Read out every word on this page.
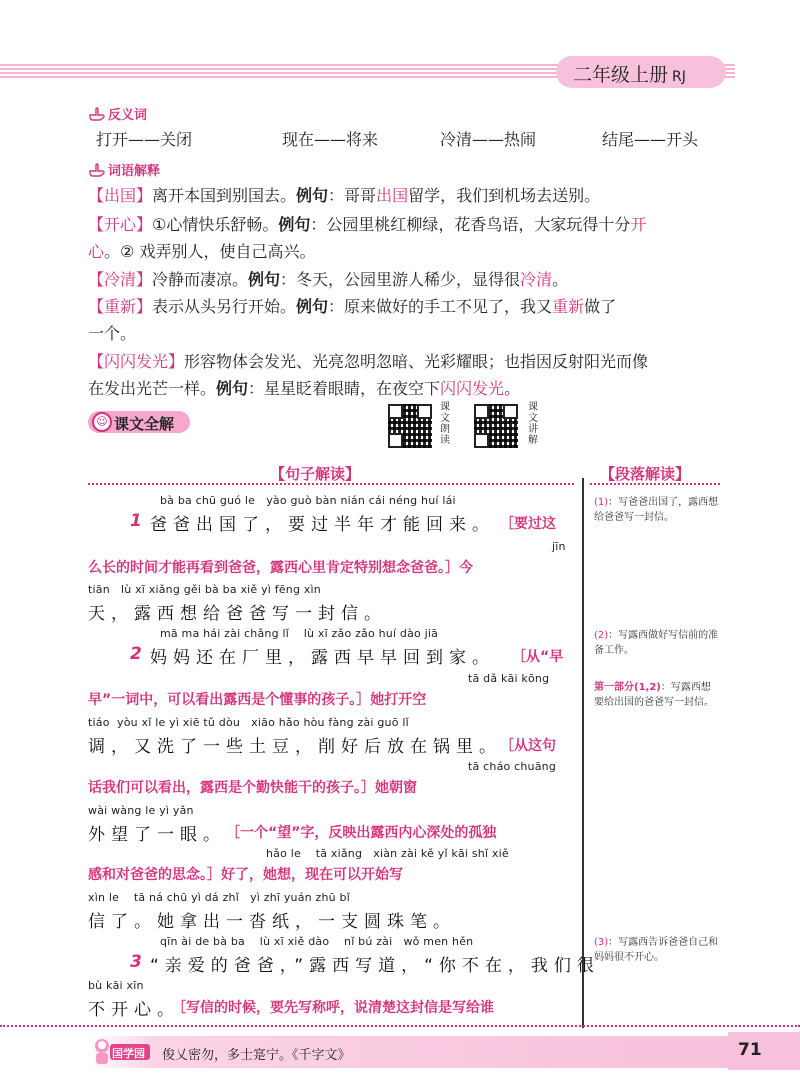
二年级上册 RJ
反义词
打开——关闭	现在——将来	冷清——热闹	结尾——开头
词语解释
【出国】离开本国到别国去。例句：哥哥出国留学，我们到机场去送别。
【开心】①心情快乐舒畅。例句：公园里桃红柳绿，花香鸟语，大家玩得十分开
心。② 戏弄别人，使自己高兴。
【冷清】冷静而凄凉。例句：冬天，公园里游人稀少，显得很冷清。
【重新】表示从头另行开始。例句：原来做好的手工不见了，我又重新做了
一个。
【闪闪发光】形容物体会发光、光亮忽明忽暗、光彩耀眼；也指因反射阳光而像
在发出光芒一样。例句：星星眨着眼睛，在夜空下闪闪发光。
☺ 课文全解
课文朗读
课文讲解
【句子解读】	【段落解读】
bà ba chū guó le   yào guò bàn nián cái néng huí lái
1 爸爸出国了，要过半年才能回来。 ［要过这
jīn
么长的时间才能再看到爸爸，露西心里肯定特别想念爸爸。］今
tiān   lù xī xiǎng gěi bà ba xiě yì fēng xìn
天，露西想给爸爸写一封信。
mā ma hái zài chǎng lǐ    lù xī zǎo zǎo huí dào jiā
2 妈妈还在厂里，露西早早回到家。 ［从“早
tā dǎ kāi kōng
早”一词中，可以看出露西是个懂事的孩子。］她打开空
tiáo  yòu xǐ le yì xiē tǔ dòu   xiāo hǎo hòu fàng zài guō lǐ
调，又洗了一些土豆，削好后放在锅里。
［从这句
tā cháo chuāng
话我们可以看出，露西是个勤快能干的孩子。］她朝窗
wài wàng le yì yǎn
外望了一眼。 ［一个“望”字，反映出露西内心深处的孤独
hǎo le    tā xiǎng   xiàn zài kě yǐ kāi shǐ xiě
感和对爸爸的思念。］好了，她想，现在可以开始写
xìn le    tā ná chū yì dá zhǐ   yì zhī yuán zhū bǐ
信了。她拿出一沓纸，一支圆珠笔。
qīn ài de bà ba    lù xī xiě dào    nǐ bú zài   wǒ men hěn
3 “亲爱的爸爸，”露西写道，“你不在，我们很
bù kāi xīn
不开心。
［写信的时候，要先写称呼，说清楚这封信是写给谁
(1)：写爸爸出国了，露西想给爸爸写一封信。
(2)：写露西做好写信前的准备工作。
第一部分(1,2)：写露西想要给出国的爸爸写一封信。
(3)：写露西告诉爸爸自己和妈妈很不开心。
国学园 俊乂密勿，多士寔宁。《千字文》	71
